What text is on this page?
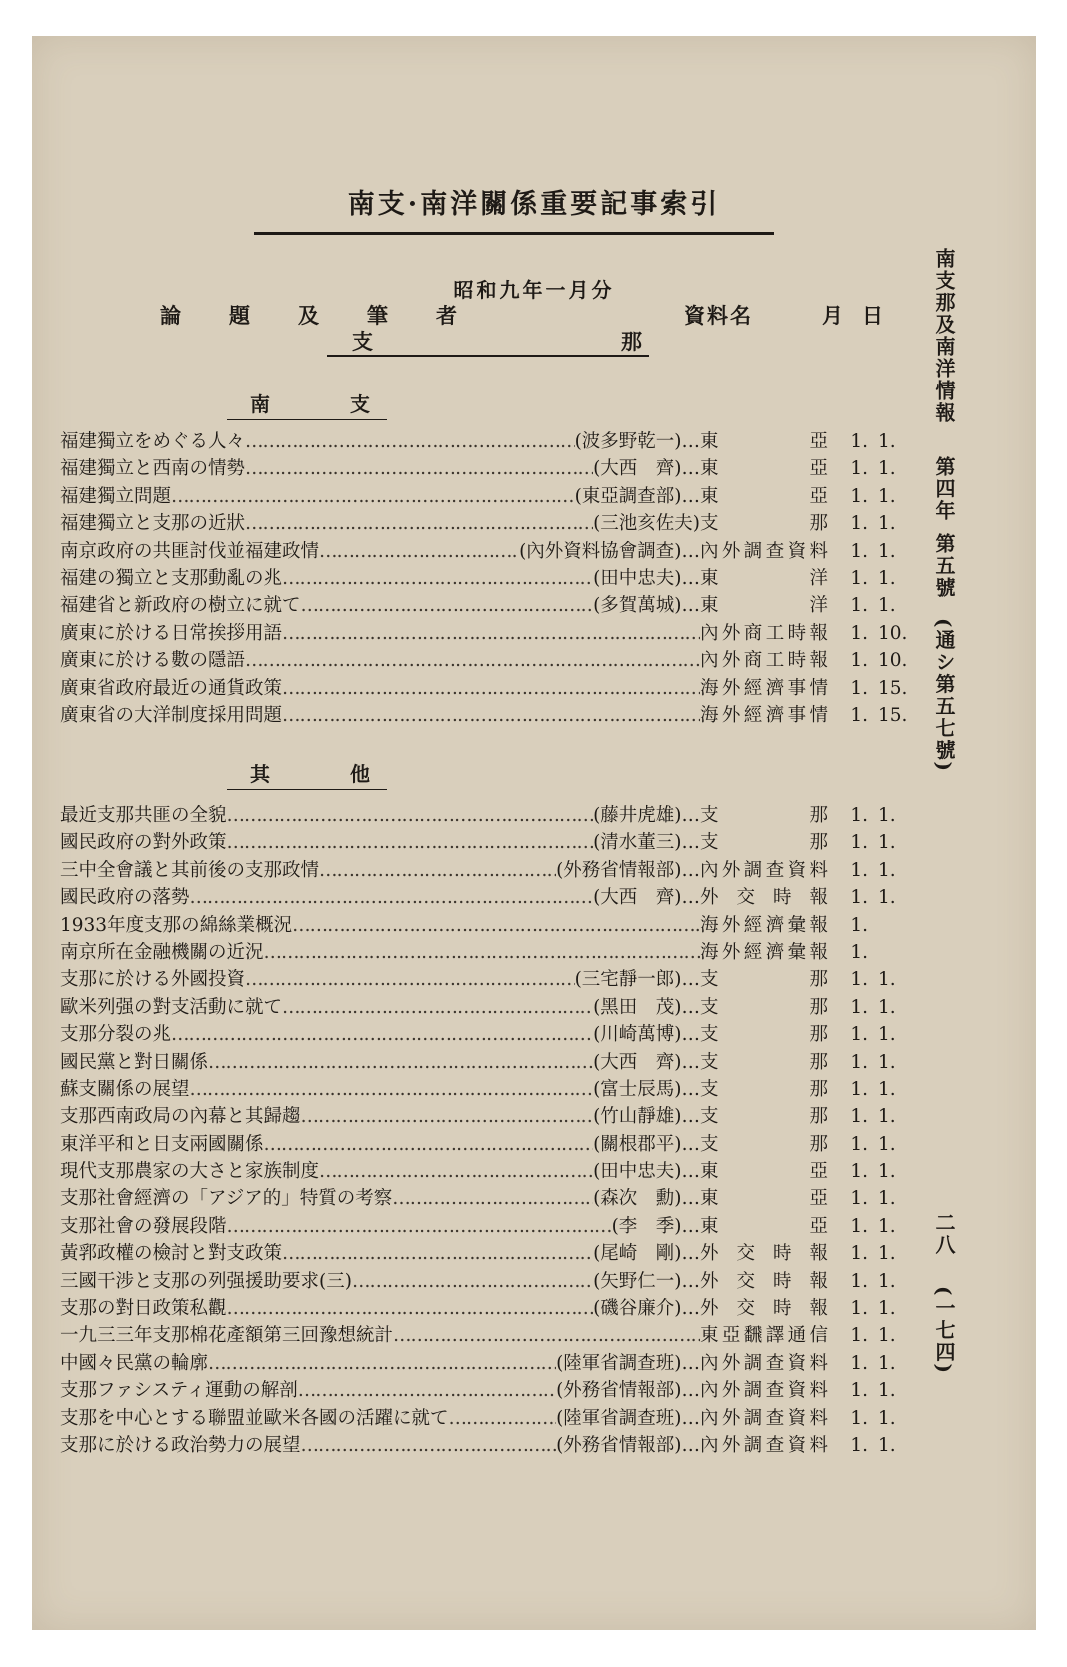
南支·南洋關係重要記事索引
昭和九年一月分
論　　題　　及　　筆　　者	資料名	月 日
支	那
南	支
福建獨立をめぐる人々 ……………………………………………………………………………………………………………………………………	(波多野乾一)… 東　亞	1. 1.
福建獨立と西南の情勢 ……………………………………………………………………………………………………………………………………	(大西　齊)… 東　亞	1. 1.
福建獨立問題 ……………………………………………………………………………………………………………………………………	(東亞調查部)… 東　亞	1. 1.
福建獨立と支那の近狀 ……………………………………………………………………………………………………………………………………	(三池亥佐夫) 支　那	1. 1.
南京政府の共匪討伐並福建政情 ……………………………………………………………………………………………………………………………………	(內外資料協會調查)… 內外調查資料	1. 1.
福建の獨立と支那動亂の兆 ……………………………………………………………………………………………………………………………………	(田中忠夫)… 東　洋	1. 1.
福建省と新政府の樹立に就て ……………………………………………………………………………………………………………………………………	(多賀萬城)… 東　洋	1. 1.
廣東に於ける日常挨拶用語 ……………………………………………………………………………………………………………………………………	內外商工時報	1. 10.
廣東に於ける數の隱語 ……………………………………………………………………………………………………………………………………	內外商工時報	1. 10.
廣東省政府最近の通貨政策 ……………………………………………………………………………………………………………………………………	海外經濟事情	1. 15.
廣東省の大洋制度採用問題 ……………………………………………………………………………………………………………………………………	海外經濟事情	1. 15.
其	他
最近支那共匪の全貌 ……………………………………………………………………………………………………………………………………	(藤井虎雄)… 支　那	1. 1.
國民政府の對外政策 ……………………………………………………………………………………………………………………………………	(清水董三)… 支　那	1. 1.
三中全會議と其前後の支那政情 ……………………………………………………………………………………………………………………………………	(外務省情報部)… 內外調查資料	1. 1.
國民政府の落勢 ……………………………………………………………………………………………………………………………………	(大西　齊)… 外交時報	1. 1.
1933年度支那の綿絲業概況 ……………………………………………………………………………………………………………………………………	海外經濟彙報	1.
南京所在金融機關の近況 ……………………………………………………………………………………………………………………………………	海外經濟彙報	1.
支那に於ける外國投資 ……………………………………………………………………………………………………………………………………	(三宅靜一郎)… 支　那	1. 1.
歐米列强の對支活動に就て ……………………………………………………………………………………………………………………………………	(黑田　茂)… 支　那	1. 1.
支那分裂の兆 ……………………………………………………………………………………………………………………………………	(川崎萬博)… 支　那	1. 1.
國民黨と對日關係 ……………………………………………………………………………………………………………………………………	(大西　齊)… 支　那	1. 1.
蘇支關係の展望 ……………………………………………………………………………………………………………………………………	(富士辰馬)… 支　那	1. 1.
支那西南政局の內幕と其歸趨 ……………………………………………………………………………………………………………………………………	(竹山靜雄)… 支　那	1. 1.
東洋平和と日支兩國關係 ……………………………………………………………………………………………………………………………………	(關根郡平)… 支　那	1. 1.
現代支那農家の大さと家族制度 ……………………………………………………………………………………………………………………………………	(田中忠夫)… 東　亞	1. 1.
支那社會經濟の「アジア的」特質の考察 ……………………………………………………………………………………………………………………………………	(森次　勳)… 東　亞	1. 1.
支那社會の發展段階 ……………………………………………………………………………………………………………………………………	(李　季)… 東　亞	1. 1.
黃郛政權の檢討と對支政策 ……………………………………………………………………………………………………………………………………	(尾崎　剛)… 外交時報	1. 1.
三國干涉と支那の列强援助要求(三) ……………………………………………………………………………………………………………………………………	(矢野仁一)… 外交時報	1. 1.
支那の對日政策私觀 ……………………………………………………………………………………………………………………………………	(磯谷廉介)… 外交時報	1. 1.
一九三三年支那棉花產額第三回豫想統計 ……………………………………………………………………………………………………………………………………	東亞飜譯通信	1. 1.
中國々民黨の輪廓 ……………………………………………………………………………………………………………………………………	(陸軍省調查班)… 內外調查資料	1. 1.
支那ファシスティ運動の解剖 ……………………………………………………………………………………………………………………………………	(外務省情報部)… 內外調查資料	1. 1.
支那を中心とする聯盟並歐米各國の活躍に就て ……………………………………………………………………………………………………………………………………	(陸軍省調查班)… 內外調查資料	1. 1.
支那に於ける政治勢力の展望 ……………………………………………………………………………………………………………………………………	(外務省情報部)… 內外調查資料	1. 1.
南支那及南洋情報
第四年
第五號
(通シ第五七號)
二八
(一七四)
